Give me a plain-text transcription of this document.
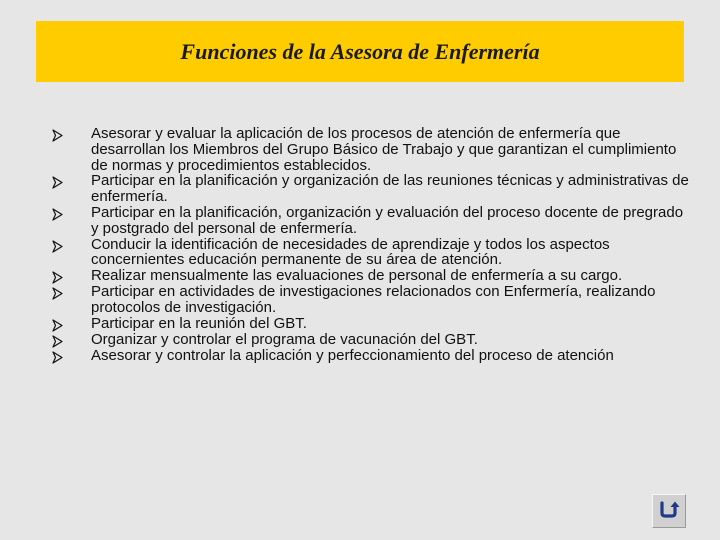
Funciones de la Asesora de Enfermería
Asesorar y evaluar la aplicación de los procesos de atención de enfermería que desarrollan los Miembros del Grupo Básico de Trabajo y que garantizan el cumplimiento de normas y procedimientos establecidos.
Participar en la planificación y organización de las reuniones técnicas y administrativas de enfermería.
Participar en la planificación, organización y evaluación del proceso docente de pregrado y postgrado del personal de enfermería.
Conducir la identificación de necesidades de aprendizaje y todos los aspectos concernientes educación permanente de su área de atención.
Realizar mensualmente las evaluaciones de personal de enfermería a su cargo.
Participar en actividades de investigaciones relacionados con Enfermería, realizando protocolos de investigación.
Participar en la reunión del GBT.
Organizar y controlar el programa de vacunación del GBT.
Asesorar y controlar la aplicación y perfeccionamiento del proceso de atención
